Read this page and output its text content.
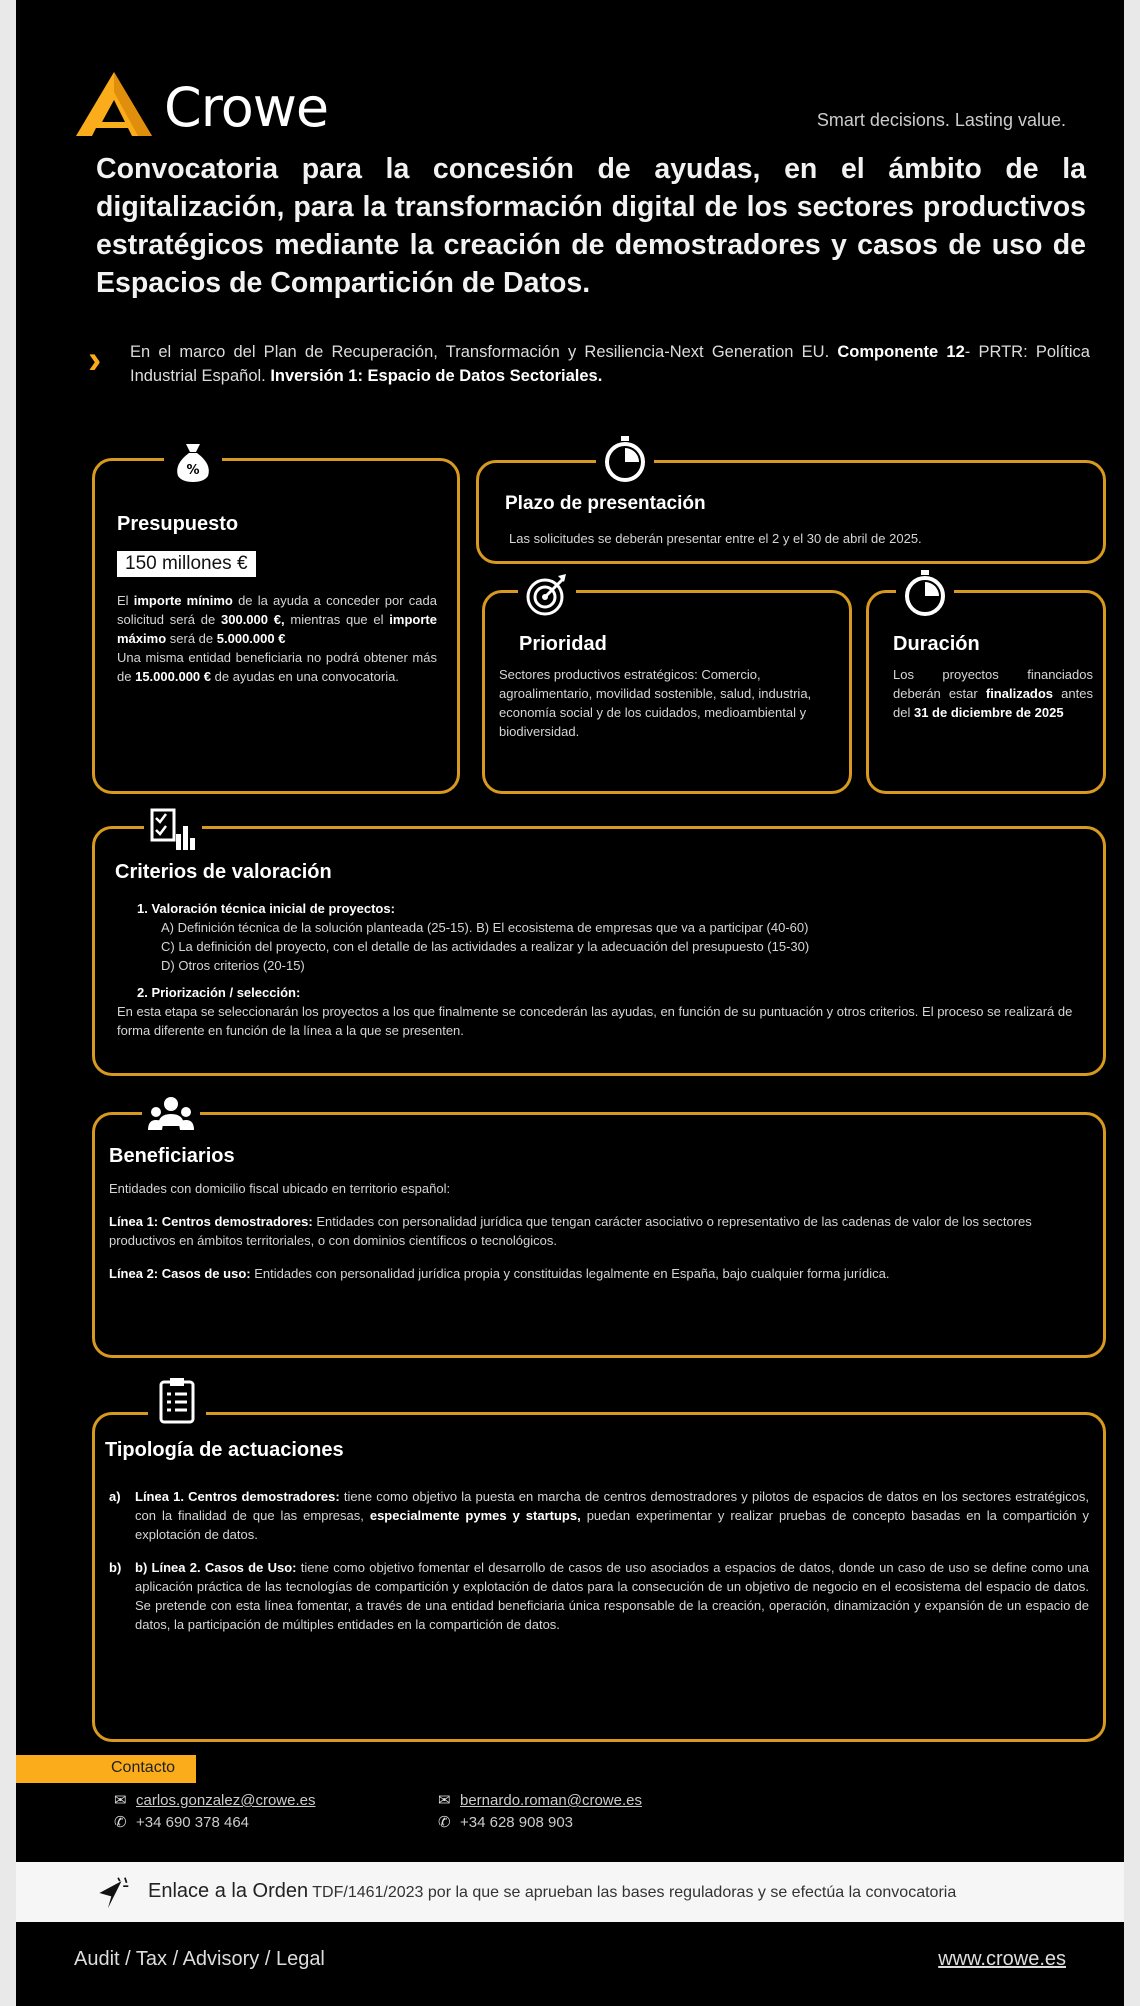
Crowe	Smart decisions. Lasting value.
Convocatoria para la concesión de ayudas, en el ámbito de la digitalización, para la transformación digital de los sectores productivos estratégicos mediante la creación de demostradores y casos de uso de Espacios de Compartición de Datos.
› En el marco del Plan de Recuperación, Transformación y Resiliencia-Next Generation EU. Componente 12- PRTR: Política Industrial Español. Inversión 1: Espacio de Datos Sectoriales.
Presupuesto
150 millones €
El importe mínimo de la ayuda a conceder por cada solicitud será de 300.000 €, mientras que el importe máximo será de 5.000.000 €
Una misma entidad beneficiaria no podrá obtener más de 15.000.000 € de ayudas en una convocatoria.
%
Plazo de presentación
Las solicitudes se deberán presentar entre el 2 y el 30 de abril de 2025.
Prioridad
Sectores productivos estratégicos: Comercio, agroalimentario, movilidad sostenible, salud, industria, economía social y de los cuidados, medioambiental y biodiversidad.
Duración
Los proyectos financiados deberán estar finalizados antes del 31 de diciembre de 2025
Criterios de valoración
1. Valoración técnica inicial de proyectos:
A) Definición técnica de la solución planteada (25-15). B) El ecosistema de empresas que va a participar (40-60)
C) La definición del proyecto, con el detalle de las actividades a realizar y la adecuación del presupuesto (15-30)
D) Otros criterios (20-15)
2. Priorización / selección:
En esta etapa se seleccionarán los proyectos a los que finalmente se concederán las ayudas, en función de su puntuación y otros criterios. El proceso se realizará de forma diferente en función de la línea a la que se presenten.
Beneficiarios
Entidades con domicilio fiscal ubicado en territorio español:
Línea 1: Centros demostradores: Entidades con personalidad jurídica que tengan carácter asociativo o representativo de las cadenas de valor de los sectores productivos en ámbitos territoriales, o con dominios científicos o tecnológicos.
Línea 2: Casos de uso: Entidades con personalidad jurídica propia y constituidas legalmente en España, bajo cualquier forma jurídica.
Tipología de actuaciones
a)	Línea 1. Centros demostradores: tiene como objetivo la puesta en marcha de centros demostradores y pilotos de espacios de datos en los sectores estratégicos, con la finalidad de que las empresas, especialmente pymes y startups, puedan experimentar y realizar pruebas de concepto basadas en la compartición y explotación de datos.
b)	b) Línea 2. Casos de Uso: tiene como objetivo fomentar el desarrollo de casos de uso asociados a espacios de datos, donde un caso de uso se define como una aplicación práctica de las tecnologías de compartición y explotación de datos para la consecución de un objetivo de negocio en el ecosistema del espacio de datos. Se pretende con esta línea fomentar, a través de una entidad beneficiaria única responsable de la creación, operación, dinamización y expansión de un espacio de datos, la participación de múltiples entidades en la compartición de datos.
Contacto
✉ carlos.gonzalez@crowe.es
✆ +34 690 378 464
✉ bernardo.roman@crowe.es
✆ +34 628 908 903
Enlace a la Orden TDF/1461/2023 por la que se aprueban las bases reguladoras y se efectúa la convocatoria
Audit / Tax / Advisory / Legal	www.crowe.es
